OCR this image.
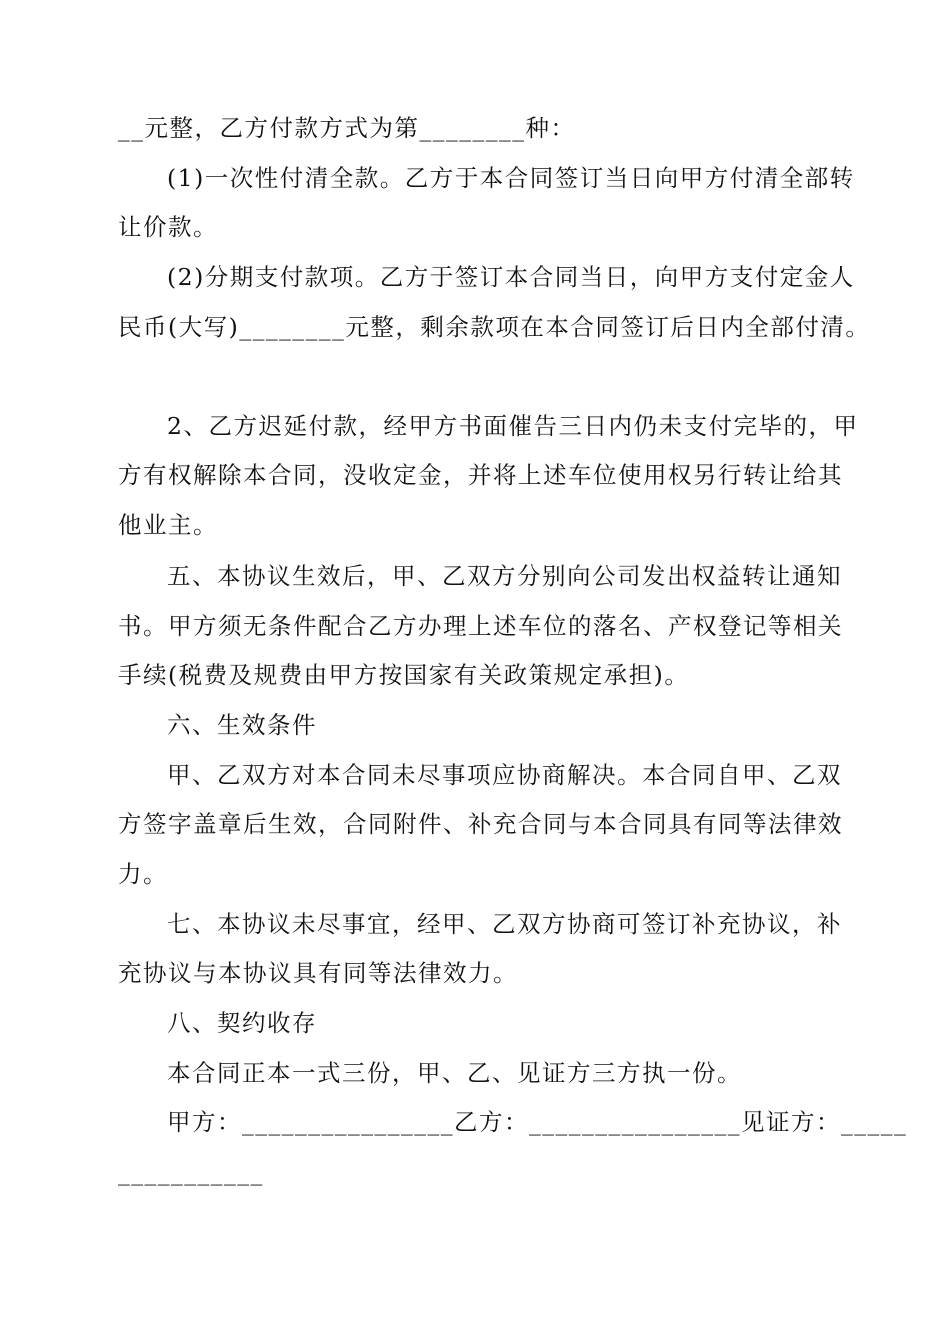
__元整，乙方付款方式为第________种：
(1)一次性付清全款。乙方于本合同签订当日向甲方付清全部转
让价款。
(2)分期支付款项。乙方于签订本合同当日，向甲方支付定金人
民币(大写)________元整，剩余款项在本合同签订后日内全部付清。
2、乙方迟延付款，经甲方书面催告三日内仍未支付完毕的，甲
方有权解除本合同，没收定金，并将上述车位使用权另行转让给其
他业主。
五、本协议生效后，甲、乙双方分别向公司发出权益转让通知
书。甲方须无条件配合乙方办理上述车位的落名、产权登记等相关
手续(税费及规费由甲方按国家有关政策规定承担)。
六、生效条件
甲、乙双方对本合同未尽事项应协商解决。本合同自甲、乙双
方签字盖章后生效，合同附件、补充合同与本合同具有同等法律效
力。
七、本协议未尽事宜，经甲、乙双方协商可签订补充协议，补
充协议与本协议具有同等法律效力。
八、契约收存
本合同正本一式三份，甲、乙、见证方三方执一份。
甲方：________________乙方：________________见证方：_____
___________
